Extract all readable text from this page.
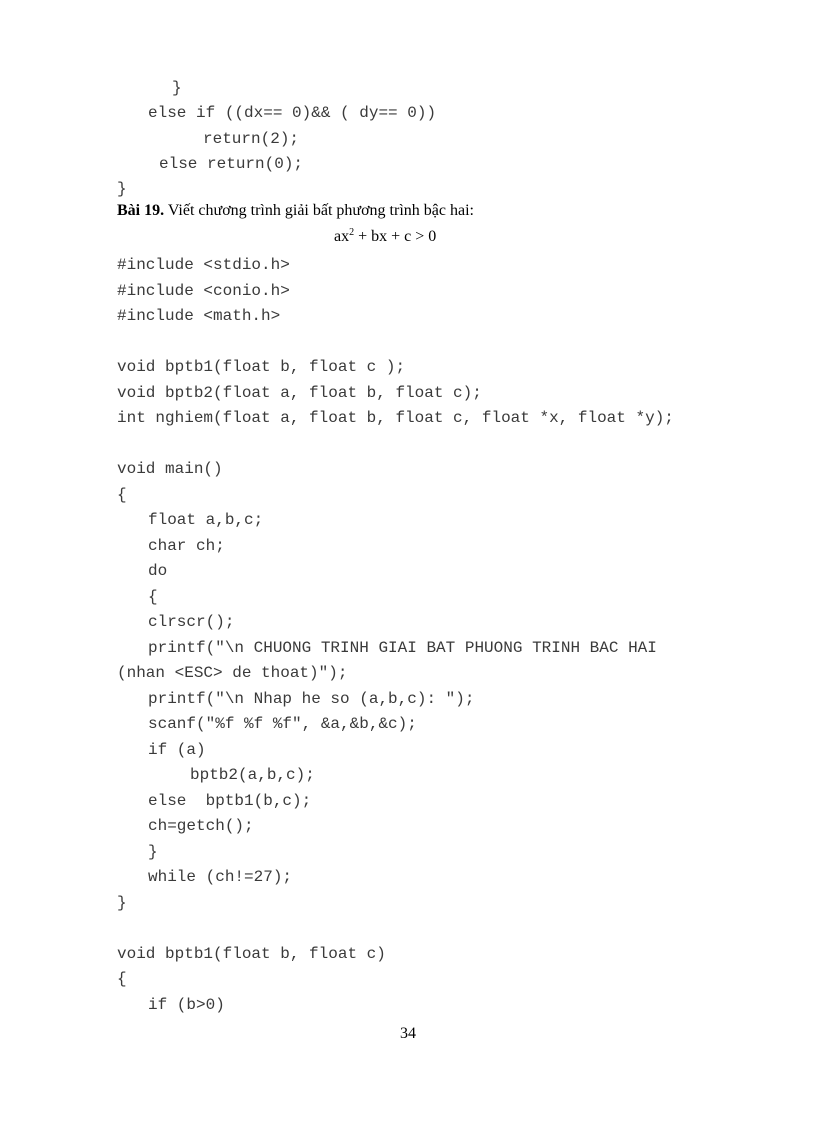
}
else if ((dx== 0)&& ( dy== 0))
return(2);
else return(0);
}
Bài 19. Viết chương trình giải bất phương trình bậc hai:
$ax^2$ + bx + c > 0
#include <stdio.h>
#include <conio.h>
#include <math.h>
void bptb1(float b, float c );
void bptb2(float a, float b, float c);
int nghiem(float a, float b, float c, float *x, float *y);
void main()
{
float a,b,c;
char ch;
do
{
clrscr();
printf("\n CHUONG TRINH GIAI BAT PHUONG TRINH BAC HAI
(nhan <ESC> de thoat)");
printf("\n Nhap he so (a,b,c): ");
scanf("%f %f %f", &a,&b,&c);
if (a)
bptb2(a,b,c);
else  bptb1(b,c);
ch=getch();
}
while (ch!=27);
}
void bptb1(float b, float c)
{
if (b>0)
34
